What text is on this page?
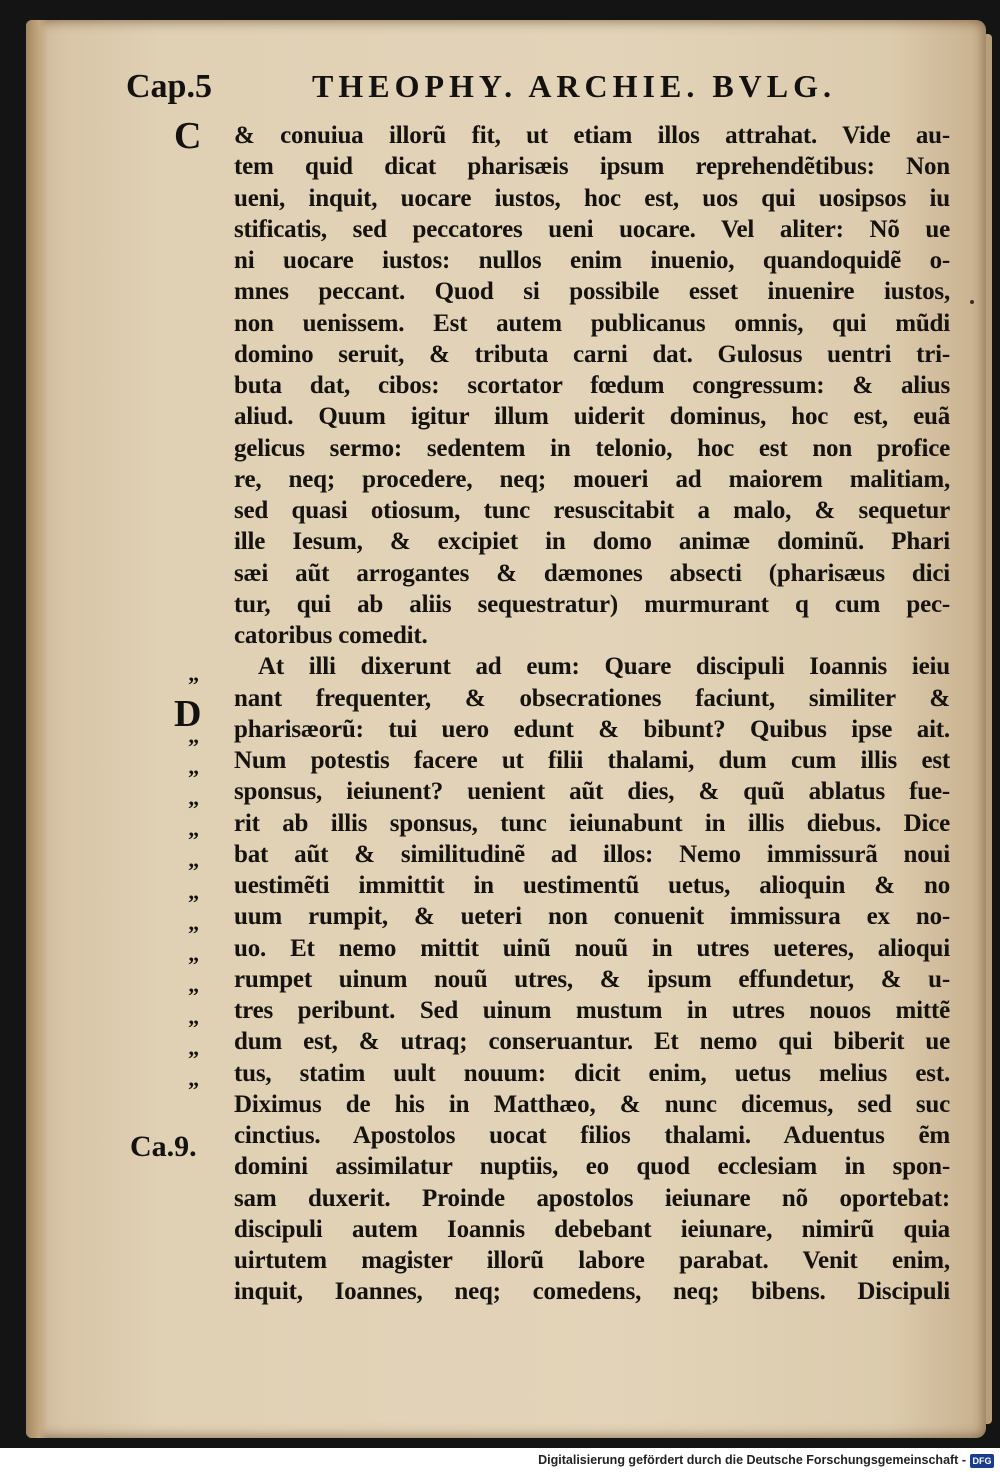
Cap.5	THEOPHY. ARCHIE. BVLG.
C
D
”
”
”
”
”
”
”
”
”
”
”
”
”
Ca.9.
& conuiua illorũ fit, ut etiam illos attrahat. Vide au-
tem quid dicat pharisæis ipsum reprehendẽtibus: Non
ueni, inquit, uocare iustos, hoc est, uos qui uosipsos iu
stificatis, sed peccatores ueni uocare. Vel aliter: Nõ ue
ni uocare iustos: nullos enim inuenio, quandoquidẽ o-
mnes peccant. Quod si possibile esset inuenire iustos,
non uenissem. Est autem publicanus omnis, qui mũdi
domino seruit, & tributa carni dat. Gulosus uentri tri-
buta dat, cibos: scortator fœdum congressum: & alius
aliud. Quum igitur illum uiderit dominus, hoc est, euã
gelicus sermo: sedentem in telonio, hoc est non profice
re, neq; procedere, neq; moueri ad maiorem malitiam,
sed quasi otiosum, tunc resuscitabit a malo, & sequetur
ille Iesum, & excipiet in domo animæ dominũ. Phari
sæi aũt arrogantes & dæmones absecti (pharisæus dici
tur, qui ab aliis sequestratur) murmurant q cum pec-
catoribus comedit.
At illi dixerunt ad eum: Quare discipuli Ioannis ieiu
nant frequenter, & obsecrationes faciunt, similiter &
pharisæorũ: tui uero edunt & bibunt? Quibus ipse ait.
Num potestis facere ut filii thalami, dum cum illis est
sponsus, ieiunent? uenient aũt dies, & quũ ablatus fue-
rit ab illis sponsus, tunc ieiunabunt in illis diebus. Dice
bat aũt & similitudinẽ ad illos: Nemo immissurã noui
uestimẽti immittit in uestimentũ uetus, alioquin & no
uum rumpit, & ueteri non conuenit immissura ex no-
uo. Et nemo mittit uinũ nouũ in utres ueteres, alioqui
rumpet uinum nouũ utres, & ipsum effundetur, & u-
tres peribunt. Sed uinum mustum in utres nouos mittẽ
dum est, & utraq; conseruantur. Et nemo qui biberit ue
tus, statim uult nouum: dicit enim, uetus melius est.
Diximus de his in Matthæo, & nunc dicemus, sed suc
cinctius. Apostolos uocat filios thalami. Aduentus ẽm
domini assimilatur nuptiis, eo quod ecclesiam in spon-
sam duxerit. Proinde apostolos ieiunare nõ oportebat:
discipuli autem Ioannis debebant ieiunare, nimirũ quia
uirtutem magister illorũ labore parabat. Venit enim,
inquit, Ioannes, neq; comedens, neq; bibens. Discipuli
Digitalisierung gefördert durch die Deutsche Forschungsgemeinschaft - DFG
